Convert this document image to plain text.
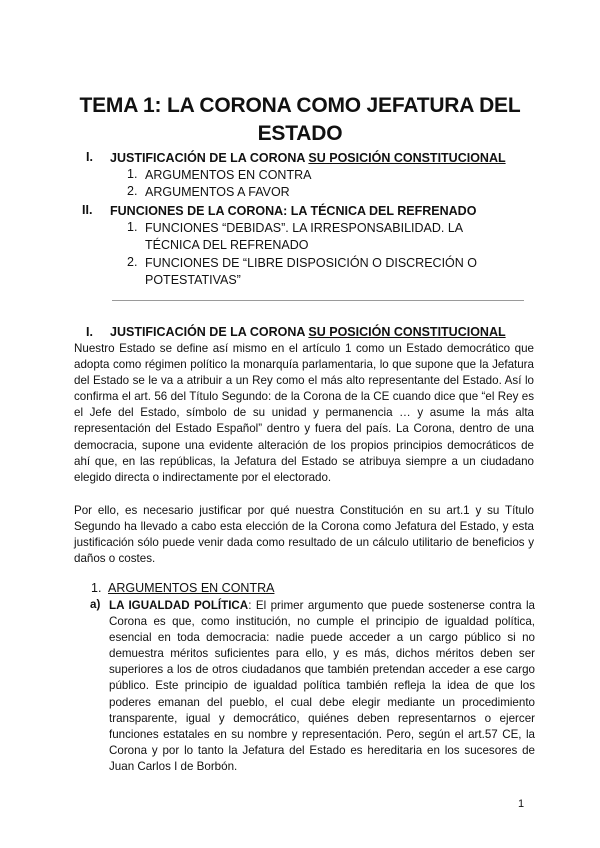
TEMA 1: LA CORONA COMO JEFATURA DEL
ESTADO
I. JUSTIFICACIÓN DE LA CORONA SU POSICIÓN CONSTITUCIONAL
1. ARGUMENTOS EN CONTRA
2. ARGUMENTOS A FAVOR
II. FUNCIONES DE LA CORONA: LA TÉCNICA DEL REFRENADO
1. FUNCIONES “DEBIDAS”. LA IRRESPONSABILIDAD. LA
TÉCNICA DEL REFRENADO
2. FUNCIONES DE “LIBRE DISPOSICIÓN O DISCRECIÓN O
POTESTATIVAS”
I. JUSTIFICACIÓN DE LA CORONA SU POSICIÓN CONSTITUCIONAL

Nuestro Estado se define así mismo en el artículo 1 como un Estado democrático que adopta como régimen político la monarquía parlamentaria, lo que supone que la Jefatura del Estado se le va a atribuir a un Rey como el más alto representante del Estado. Así lo confirma el art. 56 del Título Segundo: de la Corona de la CE cuando dice que “el Rey es el Jefe del Estado, símbolo de su unidad y permanencia … y asume la más alta representación del Estado Español” dentro y fuera del país. La Corona, dentro de una democracia, supone una evidente alteración de los propios principios democráticos de ahí que, en las repúblicas, la Jefatura del Estado se atribuya siempre a un ciudadano elegido directa o indirectamente por el electorado.

Por ello, es necesario justificar por qué nuestra Constitución en su art.1 y su Título Segundo ha llevado a cabo esta elección de la Corona como Jefatura del Estado, y esta justificación sólo puede venir dada como resultado de un cálculo utilitario de beneficios y daños o costes.

1. ARGUMENTOS EN CONTRA
a) LA IGUALDAD POLÍTICA: El primer argumento que puede sostenerse contra la Corona es que, como institución, no cumple el principio de igualdad política, esencial en toda democracia: nadie puede acceder a un cargo público si no demuestra méritos suficientes para ello, y es más, dichos méritos deben ser superiores a los de otros ciudadanos que también pretendan acceder a ese cargo público. Este principio de igualdad política también refleja la idea de que los poderes emanan del pueblo, el cual debe elegir mediante un procedimiento transparente, igual y democrático, quiénes deben representarnos o ejercer funciones estatales en su nombre y representación. Pero, según el art.57 CE, la Corona y por lo tanto la Jefatura del Estado es hereditaria en los sucesores de Juan Carlos I de Borbón.

1
